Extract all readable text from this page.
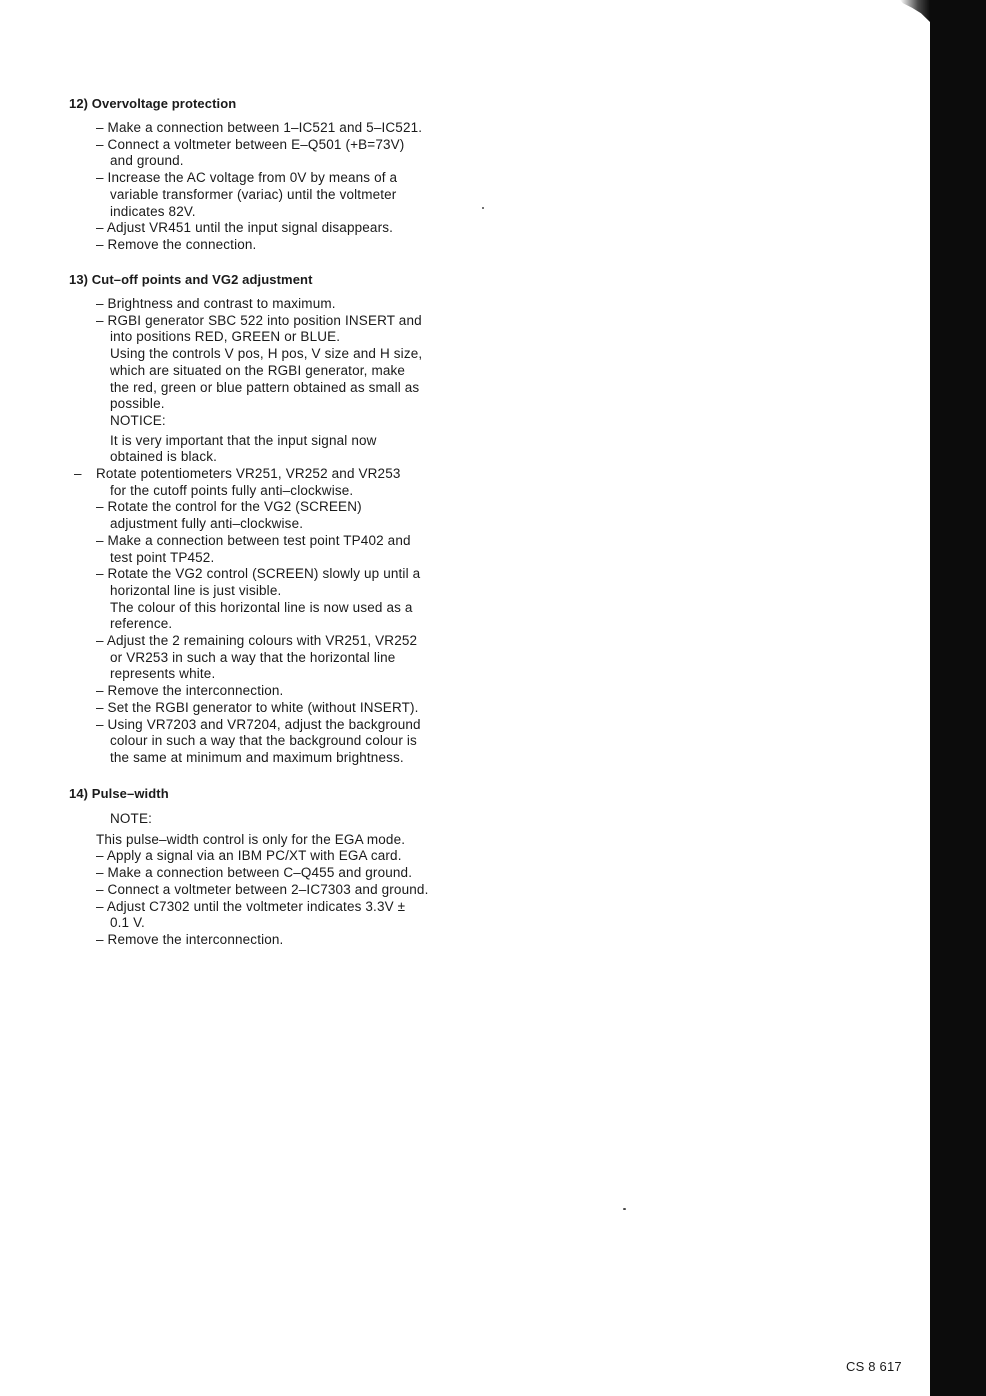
12) Overvoltage protection
– Make a connection between 1–IC521 and 5–IC521.
– Connect a voltmeter between E–Q501 (+B=73V)
and ground.
– Increase the AC voltage from 0V by means of a
variable transformer (variac) until the voltmeter
indicates 82V.
– Adjust VR451 until the input signal disappears.
– Remove the connection.
13) Cut–off points and VG2 adjustment
– Brightness and contrast to maximum.
– RGBI generator SBC 522 into position INSERT and
into positions RED, GREEN or BLUE.
Using the controls V pos, H pos, V size and H size,
which are situated on the RGBI generator, make
the red, green or blue pattern obtained as small as
possible.
NOTICE:
It is very important that the input signal now
obtained is black.
– Rotate potentiometers VR251, VR252 and VR253
for the cutoff points fully anti–clockwise.
– Rotate the control for the VG2 (SCREEN)
adjustment fully anti–clockwise.
– Make a connection between test point TP402 and
test point TP452.
– Rotate the VG2 control (SCREEN) slowly up until a
horizontal line is just visible.
The colour of this horizontal line is now used as a
reference.
– Adjust the 2 remaining colours with VR251, VR252
or VR253 in such a way that the horizontal line
represents white.
– Remove the interconnection.
– Set the RGBI generator to white (without INSERT).
– Using VR7203 and VR7204, adjust the background
colour in such a way that the background colour is
the same at minimum and maximum brightness.
14) Pulse–width
NOTE:
This pulse–width control is only for the EGA mode.
– Apply a signal via an IBM PC/XT with EGA card.
– Make a connection between C–Q455 and ground.
– Connect a voltmeter between 2–IC7303 and ground.
– Adjust C7302 until the voltmeter indicates 3.3V ±
0.1 V.
– Remove the interconnection.
CS 8 617
